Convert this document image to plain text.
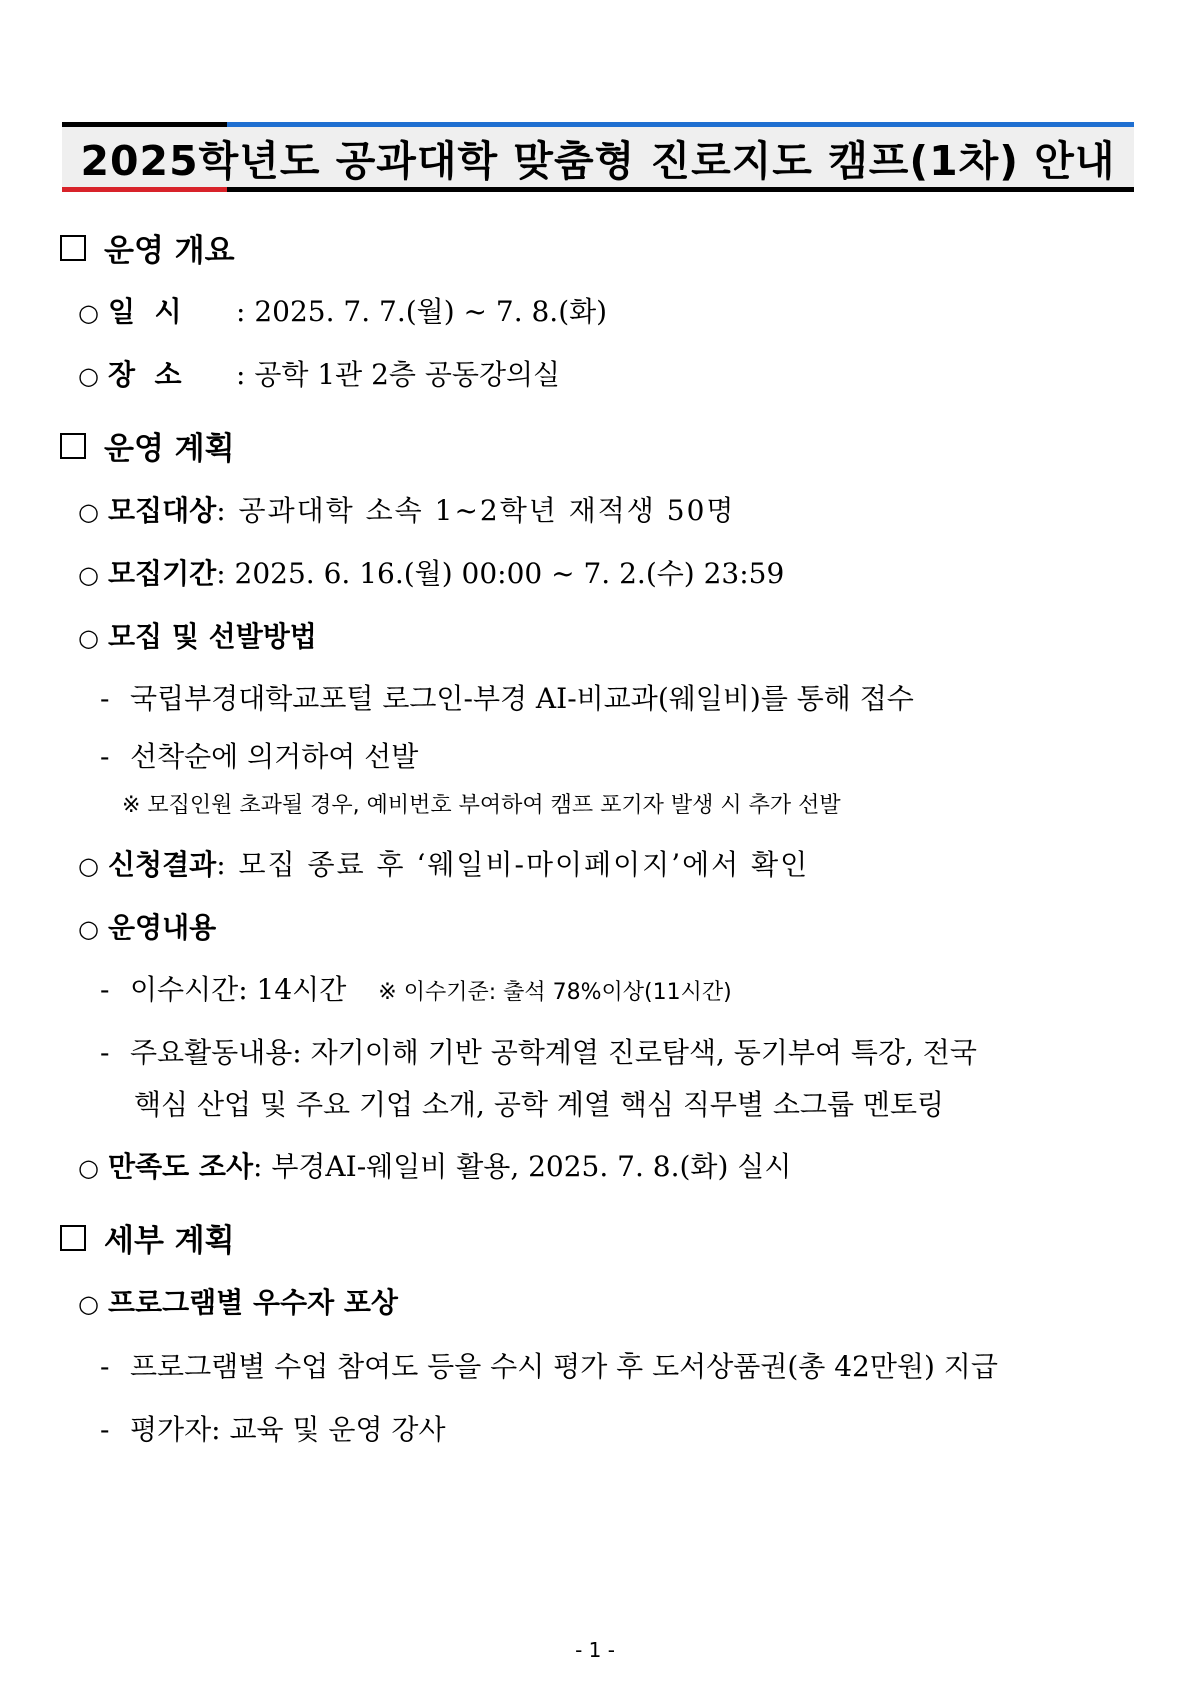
2025학년도 공과대학 맞춤형 진로지도 캠프(1차) 안내
운영 개요
○ 일  시	: 2025. 7. 7.(월) ~ 7. 8.(화)
○ 장  소	: 공학 1관 2층 공동강의실
운영 계획
○ 모집대상 : 공과대학 소속 1~2학년 재적생 50명
○ 모집기간 : 2025. 6. 16.(월) 00:00 ~ 7. 2.(수) 23:59
○ 모집 및 선발방법
- 국립부경대학교포털 로그인-부경 AI-비교과(웨일비)를 통해 접수
- 선착순에 의거하여 선발
※ 모집인원 초과될 경우, 예비번호 부여하여 캠프 포기자 발생 시 추가 선발
○ 신청결과 : 모집 종료 후 ‘웨일비-마이페이지’에서 확인
○ 운영내용
- 이수시간: 14시간 ※ 이수기준: 출석 78%이상(11시간)
- 주요활동내용: 자기이해 기반 공학계열 진로탐색, 동기부여 특강, 전국
핵심 산업 및 주요 기업 소개, 공학 계열 핵심 직무별 소그룹 멘토링
○ 만족도 조사 : 부경AI-웨일비 활용, 2025. 7. 8.(화) 실시
세부 계획
○ 프로그램별 우수자 포상
- 프로그램별 수업 참여도 등을 수시 평가 후 도서상품권(총 42만원) 지급
- 평가자: 교육 및 운영 강사
- 1 -
